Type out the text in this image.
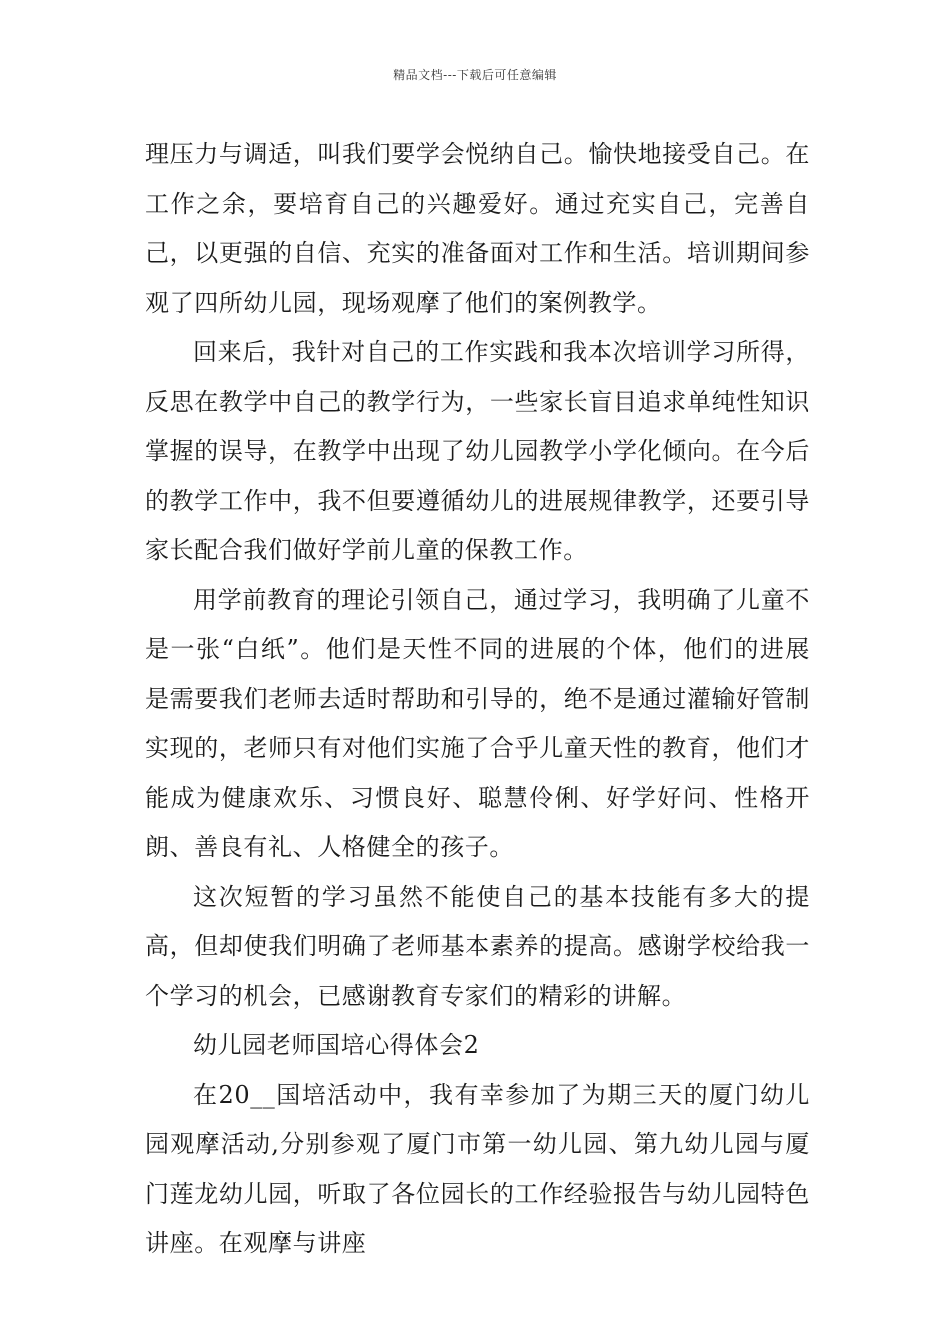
精品文档---下载后可任意编辑

理压力与调适，叫我们要学会悦纳自己。愉快地接受自己。在工作之余，要培育自己的兴趣爱好。通过充实自己，完善自己，以更强的自信、充实的准备面对工作和生活。培训期间参观了四所幼儿园，现场观摩了他们的案例教学。

回来后，我针对自己的工作实践和我本次培训学习所得，反思在教学中自己的教学行为，一些家长盲目追求单纯性知识掌握的误导，在教学中出现了幼儿园教学小学化倾向。在今后的教学工作中，我不但要遵循幼儿的进展规律教学，还要引导家长配合我们做好学前儿童的保教工作。

用学前教育的理论引领自己，通过学习，我明确了儿童不是一张“白纸”。他们是天性不同的进展的个体，他们的进展是需要我们老师去适时帮助和引导的，绝不是通过灌输好管制实现的，老师只有对他们实施了合乎儿童天性的教育，他们才能成为健康欢乐、习惯良好、聪慧伶俐、好学好问、性格开朗、善良有礼、人格健全的孩子。

这次短暂的学习虽然不能使自己的基本技能有多大的提高，但却使我们明确了老师基本素养的提高。感谢学校给我一个学习的机会，已感谢教育专家们的精彩的讲解。

幼儿园老师国培心得体会2

在20__国培活动中，我有幸参加了为期三天的厦门幼儿园观摩活动,分别参观了厦门市第一幼儿园、第九幼儿园与厦门莲龙幼儿园，听取了各位园长的工作经验报告与幼儿园特色讲座。在观摩与讲座
